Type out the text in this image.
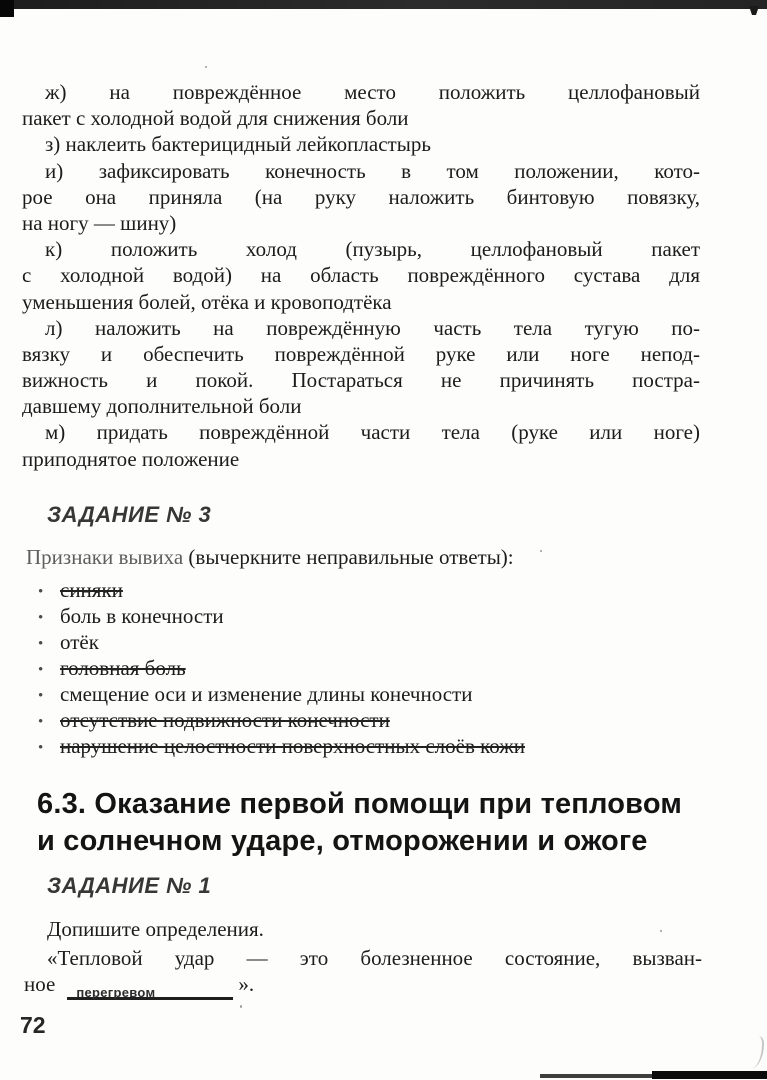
ж) на повреждённое место положить целлофановый
пакет с холодной водой для снижения боли
з) наклеить бактерицидный лейкопластырь
и) зафиксировать конечность в том положении, кото-
рое она приняла (на руку наложить бинтовую повязку,
на ногу — шину)
к) положить холод (пузырь, целлофановый пакет
с холодной водой) на область повреждённого сустава для
уменьшения болей, отёка и кровоподтёка
л) наложить на повреждённую часть тела тугую по-
вязку и обеспечить повреждённой руке или ноге непод-
вижность и покой. Постараться не причинять постра-
давшему дополнительной боли
м) придать повреждённой части тела (руке или ноге)
приподнятое положение
ЗАДАНИЕ № 3
Признаки вывиха (вычеркните неправильные ответы):
• синяки
• боль в конечности
• отёк
• головная боль
• смещение оси и изменение длины конечности
• отсутствие подвижности конечности
• нарушение целостности поверхностных слоёв кожи
6.3. Оказание первой помощи при тепловом
и солнечном ударе, отморожении и ожоге
ЗАДАНИЕ № 1
Допишите определения.
«Тепловой удар — это болезненное состояние, вызван-
ное перегревом	».
72
